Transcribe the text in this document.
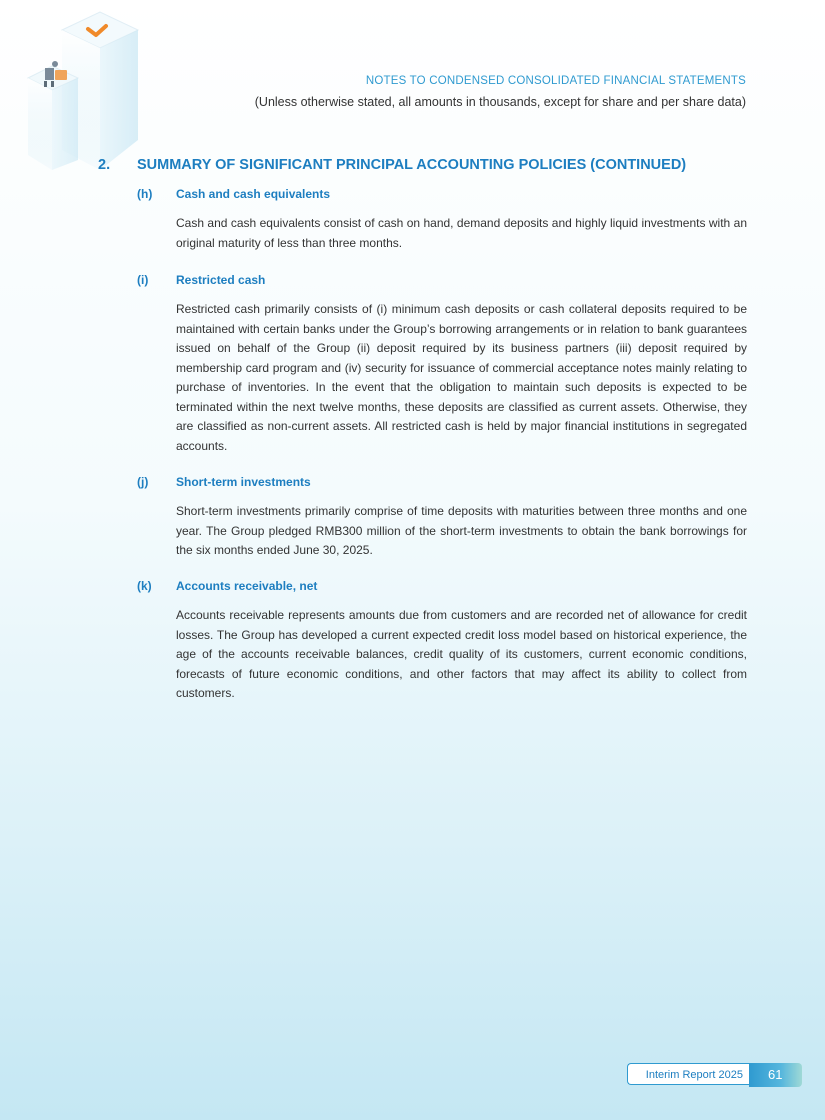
NOTES TO CONDENSED CONSOLIDATED FINANCIAL STATEMENTS
(Unless otherwise stated, all amounts in thousands, except for share and per share data)
2. SUMMARY OF SIGNIFICANT PRINCIPAL ACCOUNTING POLICIES (CONTINUED)
(h) Cash and cash equivalents
Cash and cash equivalents consist of cash on hand, demand deposits and highly liquid investments with an original maturity of less than three months.
(i) Restricted cash
Restricted cash primarily consists of (i) minimum cash deposits or cash collateral deposits required to be maintained with certain banks under the Group’s borrowing arrangements or in relation to bank guarantees issued on behalf of the Group (ii) deposit required by its business partners (iii) deposit required by membership card program and (iv) security for issuance of commercial acceptance notes mainly relating to purchase of inventories. In the event that the obligation to maintain such deposits is expected to be terminated within the next twelve months, these deposits are classified as current assets. Otherwise, they are classified as non-current assets. All restricted cash is held by major financial institutions in segregated accounts.
(j) Short-term investments
Short-term investments primarily comprise of time deposits with maturities between three months and one year. The Group pledged RMB300 million of the short-term investments to obtain the bank borrowings for the six months ended June 30, 2025.
(k) Accounts receivable, net
Accounts receivable represents amounts due from customers and are recorded net of allowance for credit losses. The Group has developed a current expected credit loss model based on historical experience, the age of the accounts receivable balances, credit quality of its customers, current economic conditions, forecasts of future economic conditions, and other factors that may affect its ability to collect from customers.
Interim Report 2025	61
